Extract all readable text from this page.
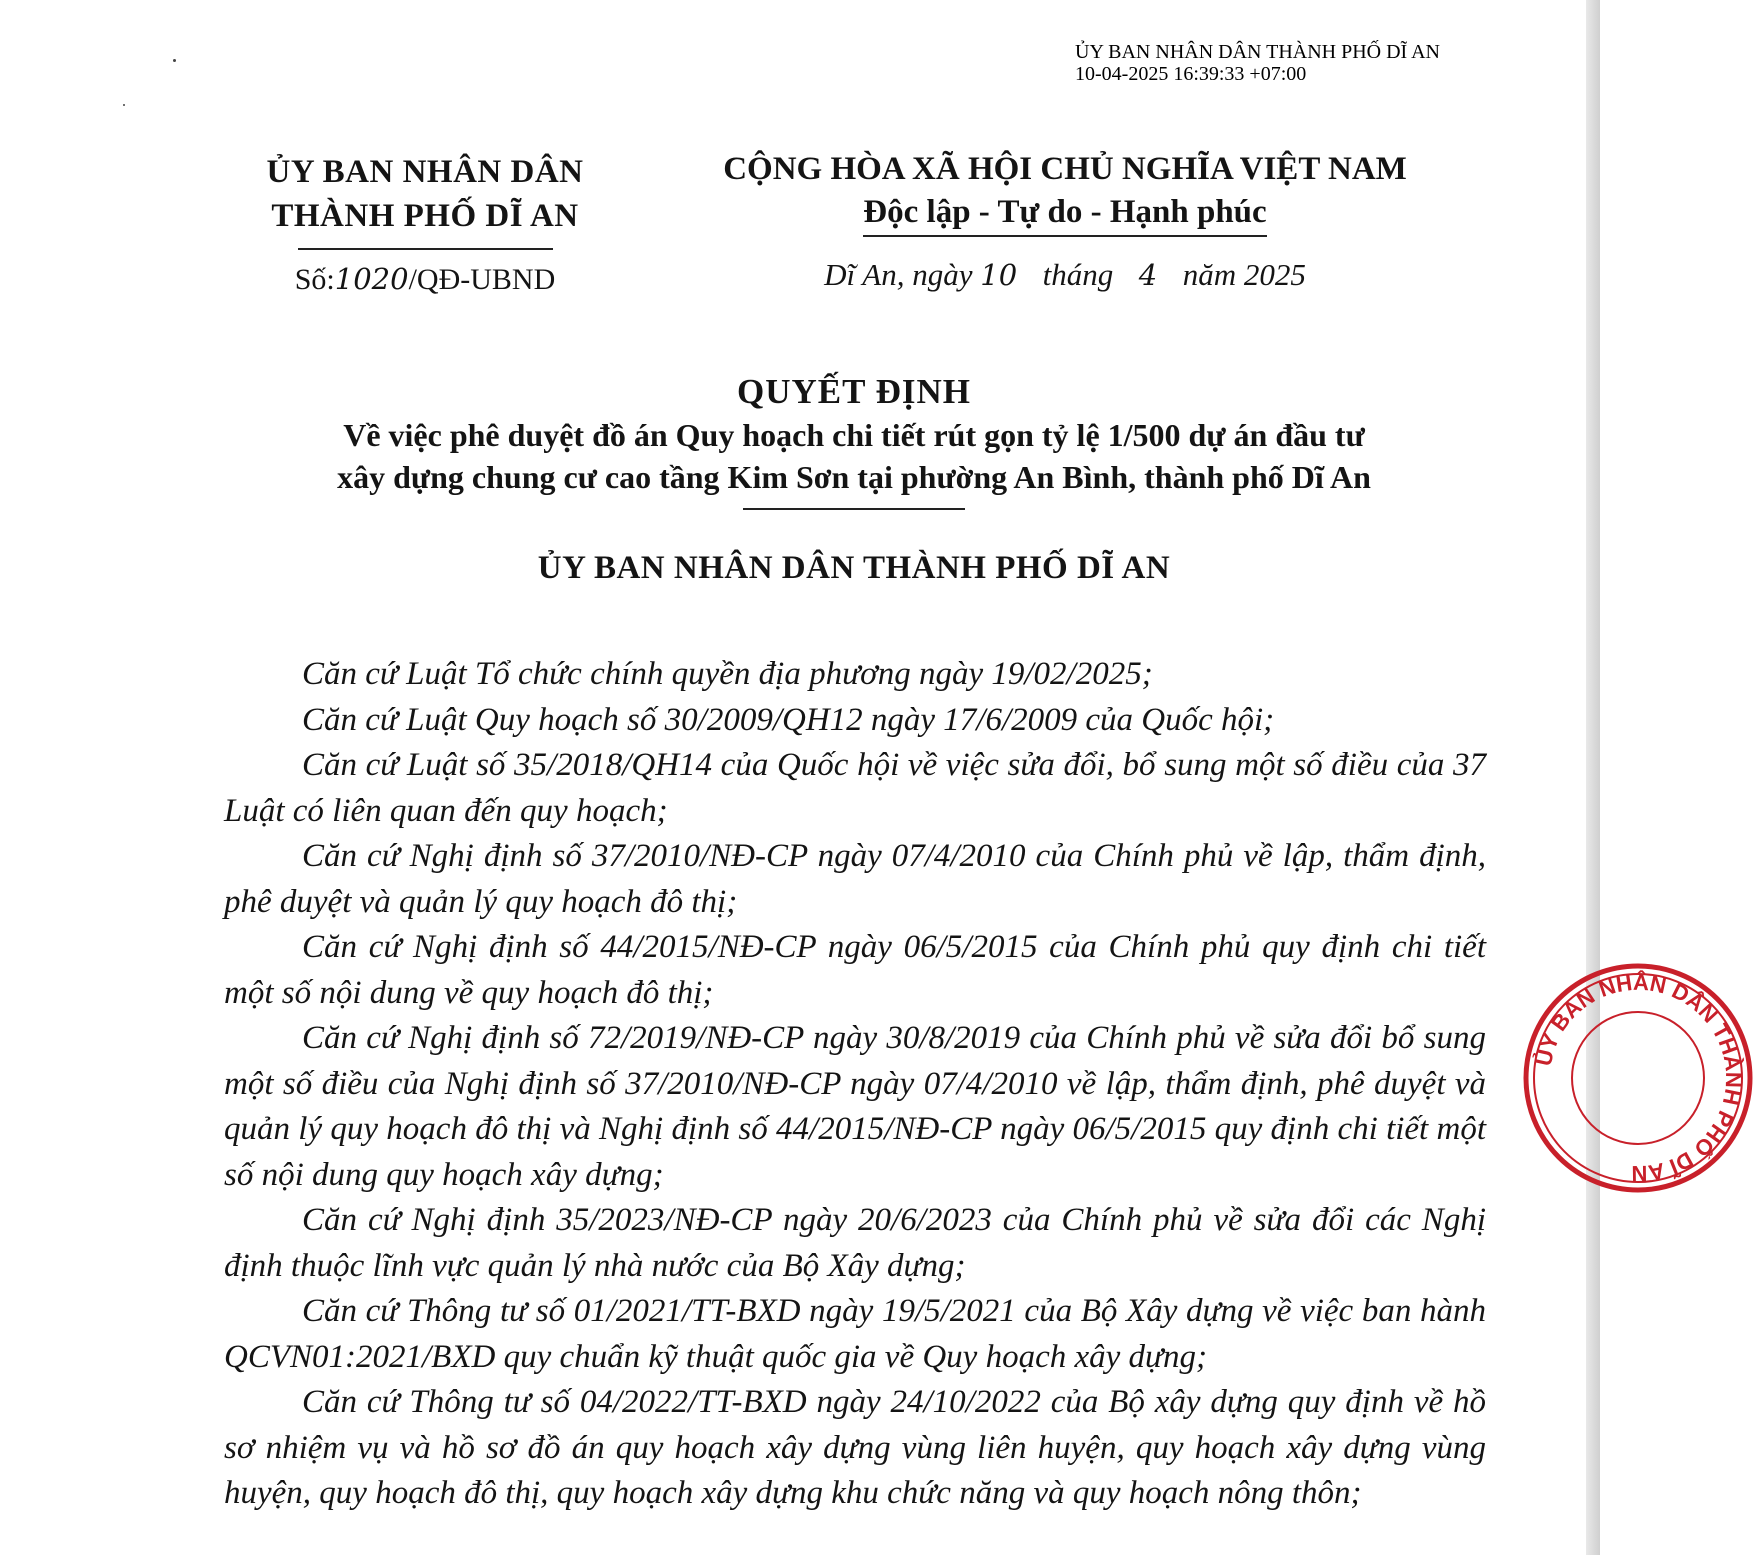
ỦY BAN NHÂN DÂN THÀNH PHỐ DĨ AN
10-04-2025 16:39:33 +07:00
ỦY BAN NHÂN DÂN
THÀNH PHỐ DĨ AN
Số:1020/QĐ-UBND
CỘNG HÒA XÃ HỘI CHỦ NGHĨA VIỆT NAM
Độc lập - Tự do - Hạnh phúc
Dĩ An, ngày 10 tháng 4 năm 2025
QUYẾT ĐỊNH
Về việc phê duyệt đồ án Quy hoạch chi tiết rút gọn tỷ lệ 1/500 dự án đầu tư
xây dựng chung cư cao tầng Kim Sơn tại phường An Bình, thành phố Dĩ An
ỦY BAN NHÂN DÂN THÀNH PHỐ DĨ AN

Căn cứ Luật Tổ chức chính quyền địa phương ngày 19/02/2025;

Căn cứ Luật Quy hoạch số 30/2009/QH12 ngày 17/6/2009 của Quốc hội;

Căn cứ Luật số 35/2018/QH14 của Quốc hội về việc sửa đổi, bổ sung một số điều của 37 Luật có liên quan đến quy hoạch;

Căn cứ Nghị định số 37/2010/NĐ-CP ngày 07/4/2010 của Chính phủ về lập, thẩm định, phê duyệt và quản lý quy hoạch đô thị;

Căn cứ Nghị định số 44/2015/NĐ-CP ngày 06/5/2015 của Chính phủ quy định chi tiết một số nội dung về quy hoạch đô thị;

Căn cứ Nghị định số 72/2019/NĐ-CP ngày 30/8/2019 của Chính phủ về sửa đổi bổ sung một số điều của Nghị định số 37/2010/NĐ-CP ngày 07/4/2010 về lập, thẩm định, phê duyệt và quản lý quy hoạch đô thị và Nghị định số 44/2015/NĐ-CP ngày 06/5/2015 quy định chi tiết một số nội dung quy hoạch xây dựng;

Căn cứ Nghị định 35/2023/NĐ-CP ngày 20/6/2023 của Chính phủ về sửa đổi các Nghị định thuộc lĩnh vực quản lý nhà nước của Bộ Xây dựng;

Căn cứ Thông tư số 01/2021/TT-BXD ngày 19/5/2021 của Bộ Xây dựng về việc ban hành QCVN01:2021/BXD quy chuẩn kỹ thuật quốc gia về Quy hoạch xây dựng;

Căn cứ Thông tư số 04/2022/TT-BXD ngày 24/10/2022 của Bộ xây dựng quy định về hồ sơ nhiệm vụ và hồ sơ đồ án quy hoạch xây dựng vùng liên huyện, quy hoạch xây dựng vùng huyện, quy hoạch đô thị, quy hoạch xây dựng khu chức năng và quy hoạch nông thôn;

ỦY BAN NHÂN DÂN THÀNH PHỐ DĨ AN
